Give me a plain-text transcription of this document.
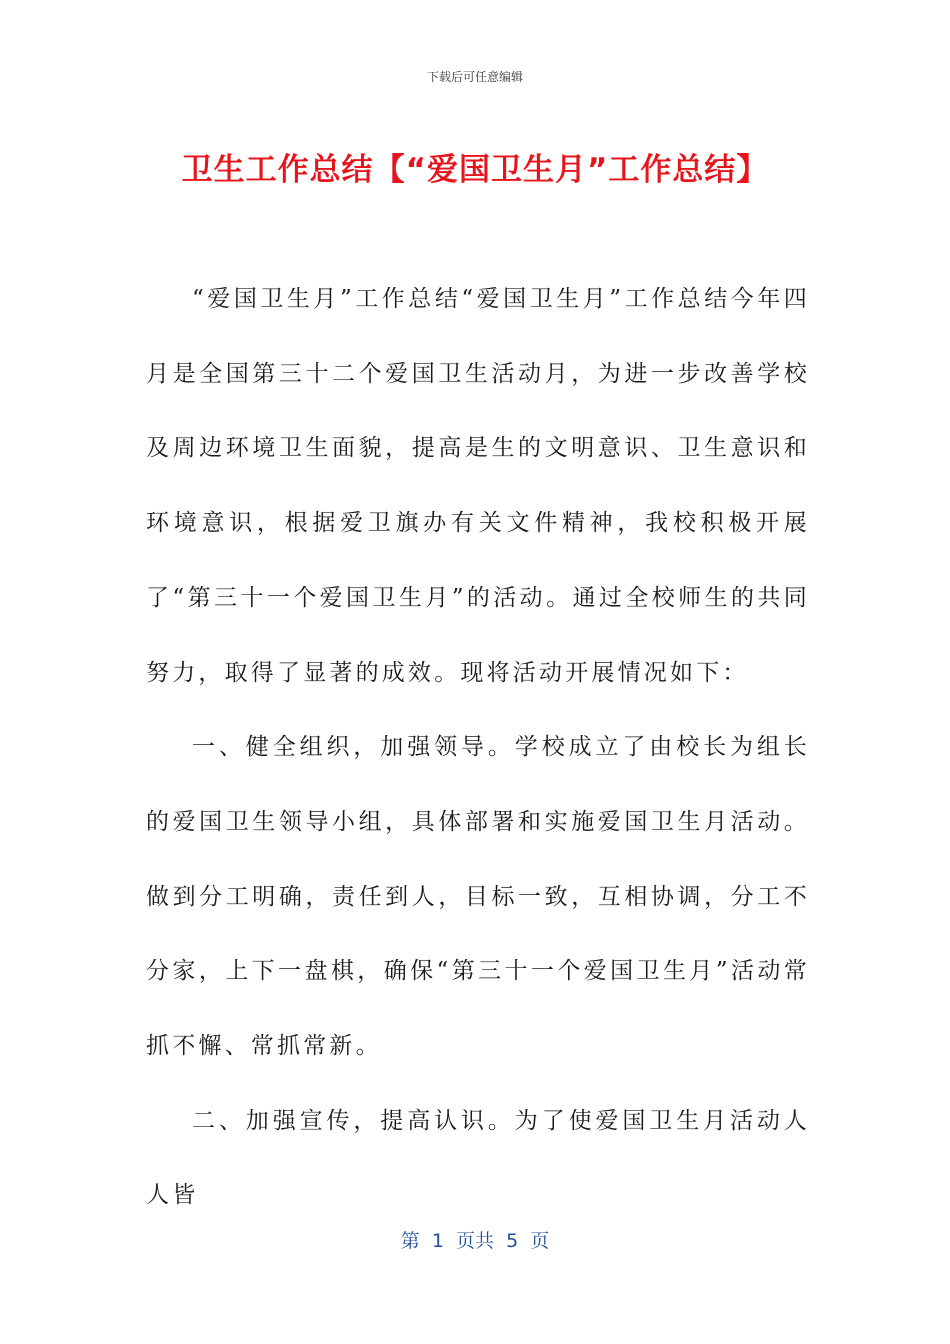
下载后可任意编辑
卫生工作总结【“爱国卫生月”工作总结】

“爱国卫生月”工作总结“爱国卫生月”工作总结今年四月是全国第三十二个爱国卫生活动月，为进一步改善学校及周边环境卫生面貌，提高是生的文明意识、卫生意识和环境意识，根据爱卫旗办有关文件精神，我校积极开展了“第三十一个爱国卫生月”的活动。通过全校师生的共同努力，取得了显著的成效。现将活动开展情况如下：

一、健全组织，加强领导。学校成立了由校长为组长的爱国卫生领导小组，具体部署和实施爱国卫生月活动。做到分工明确，责任到人，目标一致，互相协调，分工不分家，上下一盘棋，确保“第三十一个爱国卫生月”活动常抓不懈、常抓常新。

二、加强宣传，提高认识。为了使爱国卫生月活动人人皆

第  1  页共  5  页
